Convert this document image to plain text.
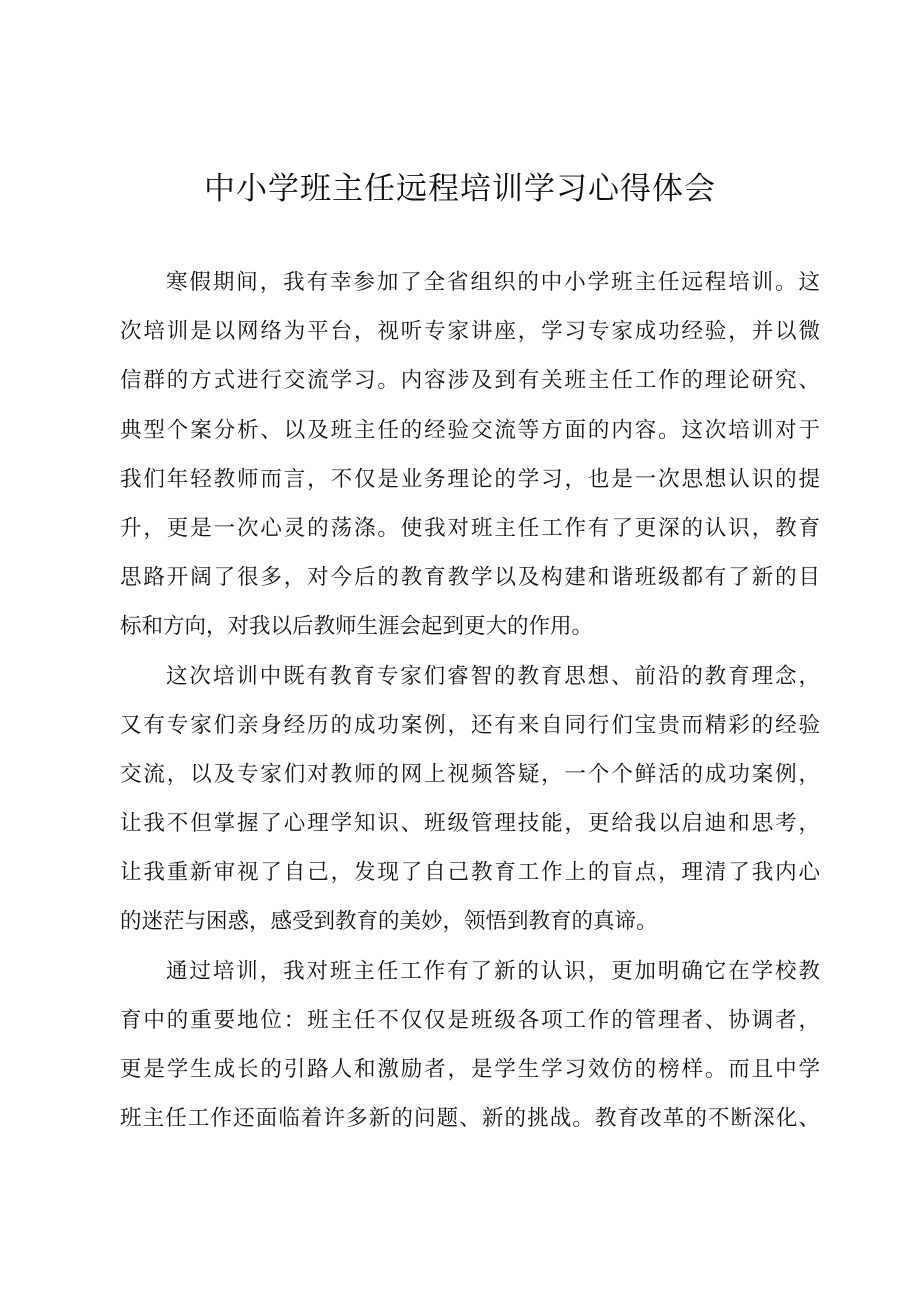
中小学班主任远程培训学习心得体会
寒假期间，我有幸参加了全省组织的中小学班主任远程培训。这
次培训是以网络为平台，视听专家讲座，学习专家成功经验，并以微
信群的方式进行交流学习。内容涉及到有关班主任工作的理论研究、
典型个案分析、以及班主任的经验交流等方面的内容。这次培训对于
我们年轻教师而言，不仅是业务理论的学习，也是一次思想认识的提
升，更是一次心灵的荡涤。使我对班主任工作有了更深的认识，教育
思路开阔了很多，对今后的教育教学以及构建和谐班级都有了新的目
标和方向，对我以后教师生涯会起到更大的作用。
这次培训中既有教育专家们睿智的教育思想、前沿的教育理念，
又有专家们亲身经历的成功案例，还有来自同行们宝贵而精彩的经验
交流，以及专家们对教师的网上视频答疑，一个个鲜活的成功案例，
让我不但掌握了心理学知识、班级管理技能，更给我以启迪和思考，
让我重新审视了自己，发现了自己教育工作上的盲点，理清了我内心
的迷茫与困惑，感受到教育的美妙，领悟到教育的真谛。
通过培训，我对班主任工作有了新的认识，更加明确它在学校教
育中的重要地位：班主任不仅仅是班级各项工作的管理者、协调者，
更是学生成长的引路人和激励者，是学生学习效仿的榜样。而且中学
班主任工作还面临着许多新的问题、新的挑战。教育改革的不断深化、
